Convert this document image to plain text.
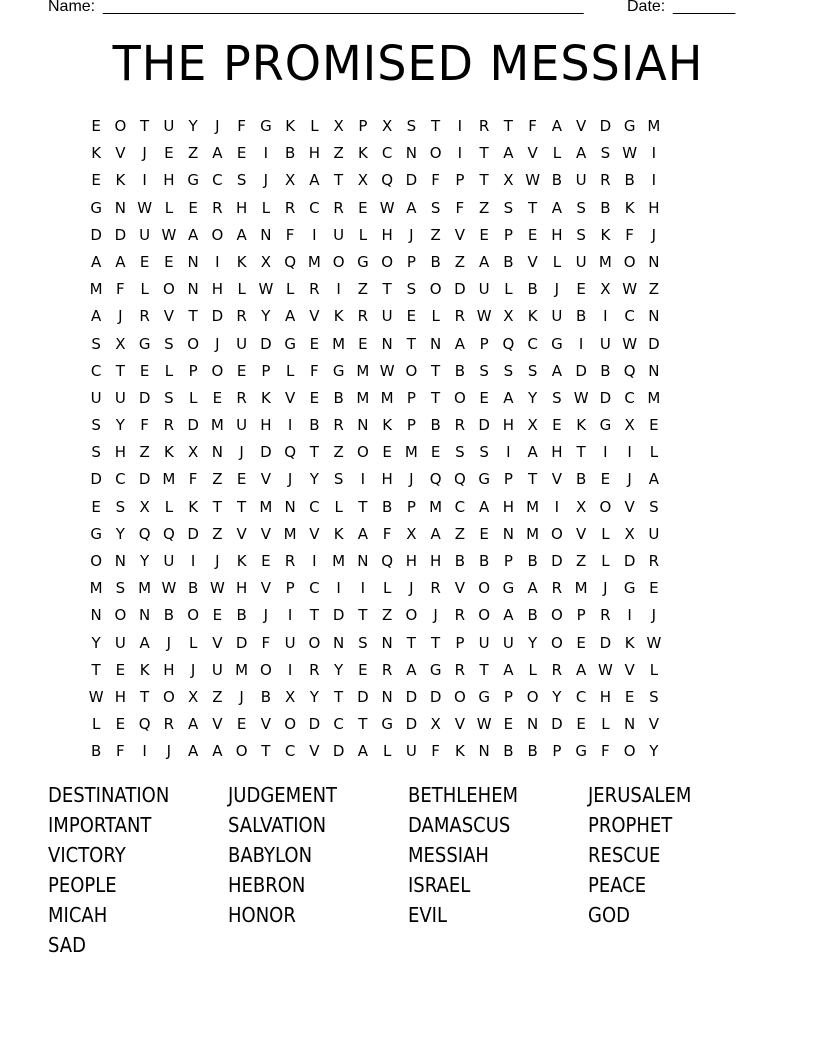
Name: ______________________________________________________	Date: _______
THE PROMISED MESSIAH
E O T U Y	J	F G K	L X P X S T	I	R T	F A V D G M
K V	J	E Z A E	I	B H Z K C N O	I	T A V L A S W I
E K	I	H G C S	J	X A T X Q D F	P	T X W B U R B	I
G N W L	E R H L R C R E W A S	F Z S T A S B K H
D D U W A O A N F	I	U L H	J	Z V E P E H S K	F	J
A A E E N	I	K X Q M O G O P B Z A B V L U M O N
M F	L O N H L W L R	I	Z T S O D U L B	J	E X W Z
A	J	R V T D R Y A V K R U E	L R W X K U B	I	C N
S X G S O	J	U D G E M E N T N A P Q C G	I	U W D
C T E	L	P O E P	L	F G M W O T B S S S A D B Q N
U U D S	L	E R K V E B M M P	T O E A Y S W D C M
S Y	F R D M U H	I	B R N K P B R D H X E K G X E
S H Z K X N	J	D Q T Z O E M E S S	I	A H T	I	I	L
D C D M F Z E V	J	Y S	I	H	J	Q Q G P	T V B E	J	A
E S X L	K T	T M N C L	T B P M C A H M	I	X O V S
G Y Q Q D Z V V M V K A F X A Z E N M O V L X U
O N Y U	I	J	K E R	I	M N Q H H B B P B D Z L D R
M S M W B W H V P C	I	I	L	J	R V O G A R M	J	G E
N O N B O E B	J	I	T D T Z O	J	R O A B O P R	I	J
Y U A	J	L V D F U O N S N T	T	P U U Y O E D K W
T E K H	J	U M O	I	R Y E R A G R T A L R A W V L
W H T O X Z	J	B X Y	T D N D D O G P O Y C H E S
L	E Q R A V E V O D C T G D X V W E N D E	L N V
B F	I	J	A A O T C V D A L U F	K N B B P G F O Y
DESTINATION	JUDGEMENT	BETHLEHEM	JERUSALEM
IMPORTANT	SALVATION	DAMASCUS	PROPHET
VICTORY	BABYLON	MESSIAH	RESCUE
PEOPLE	HEBRON	ISRAEL	PEACE
MICAH	HONOR	EVIL	GOD
SAD
